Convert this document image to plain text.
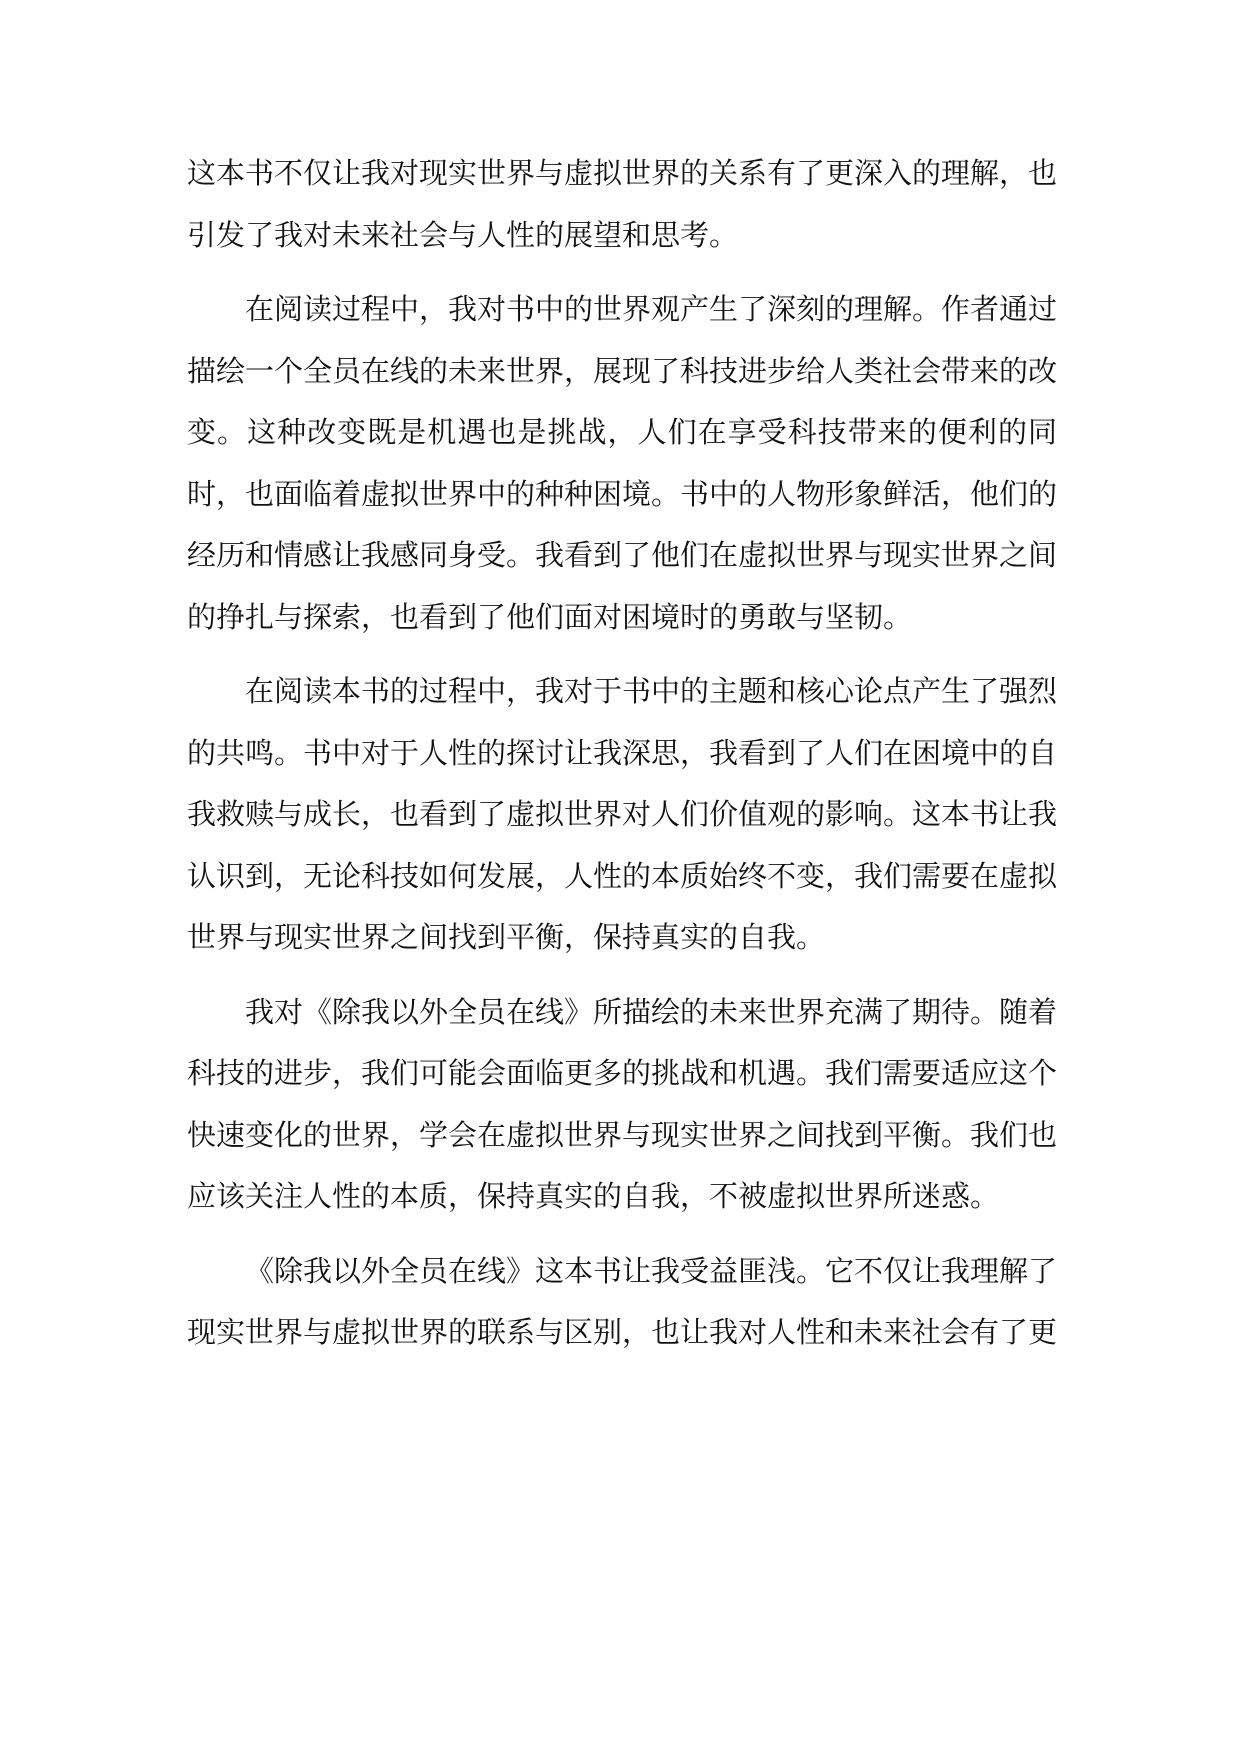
这本书不仅让我对现实世界与虚拟世界的关系有了更深入的理解，也引发了我对未来社会与人性的展望和思考。

在阅读过程中，我对书中的世界观产生了深刻的理解。作者通过描绘一个全员在线的未来世界，展现了科技进步给人类社会带来的改变。这种改变既是机遇也是挑战，人们在享受科技带来的便利的同时，也面临着虚拟世界中的种种困境。书中的人物形象鲜活，他们的经历和情感让我感同身受。我看到了他们在虚拟世界与现实世界之间的挣扎与探索，也看到了他们面对困境时的勇敢与坚韧。

在阅读本书的过程中，我对于书中的主题和核心论点产生了强烈的共鸣。书中对于人性的探讨让我深思，我看到了人们在困境中的自我救赎与成长，也看到了虚拟世界对人们价值观的影响。这本书让我认识到，无论科技如何发展，人性的本质始终不变，我们需要在虚拟世界与现实世界之间找到平衡，保持真实的自我。

我对《除我以外全员在线》所描绘的未来世界充满了期待。随着科技的进步，我们可能会面临更多的挑战和机遇。我们需要适应这个快速变化的世界，学会在虚拟世界与现实世界之间找到平衡。我们也应该关注人性的本质，保持真实的自我，不被虚拟世界所迷惑。

《除我以外全员在线》这本书让我受益匪浅。它不仅让我理解了现实世界与虚拟世界的联系与区别，也让我对人性和未来社会有了更
